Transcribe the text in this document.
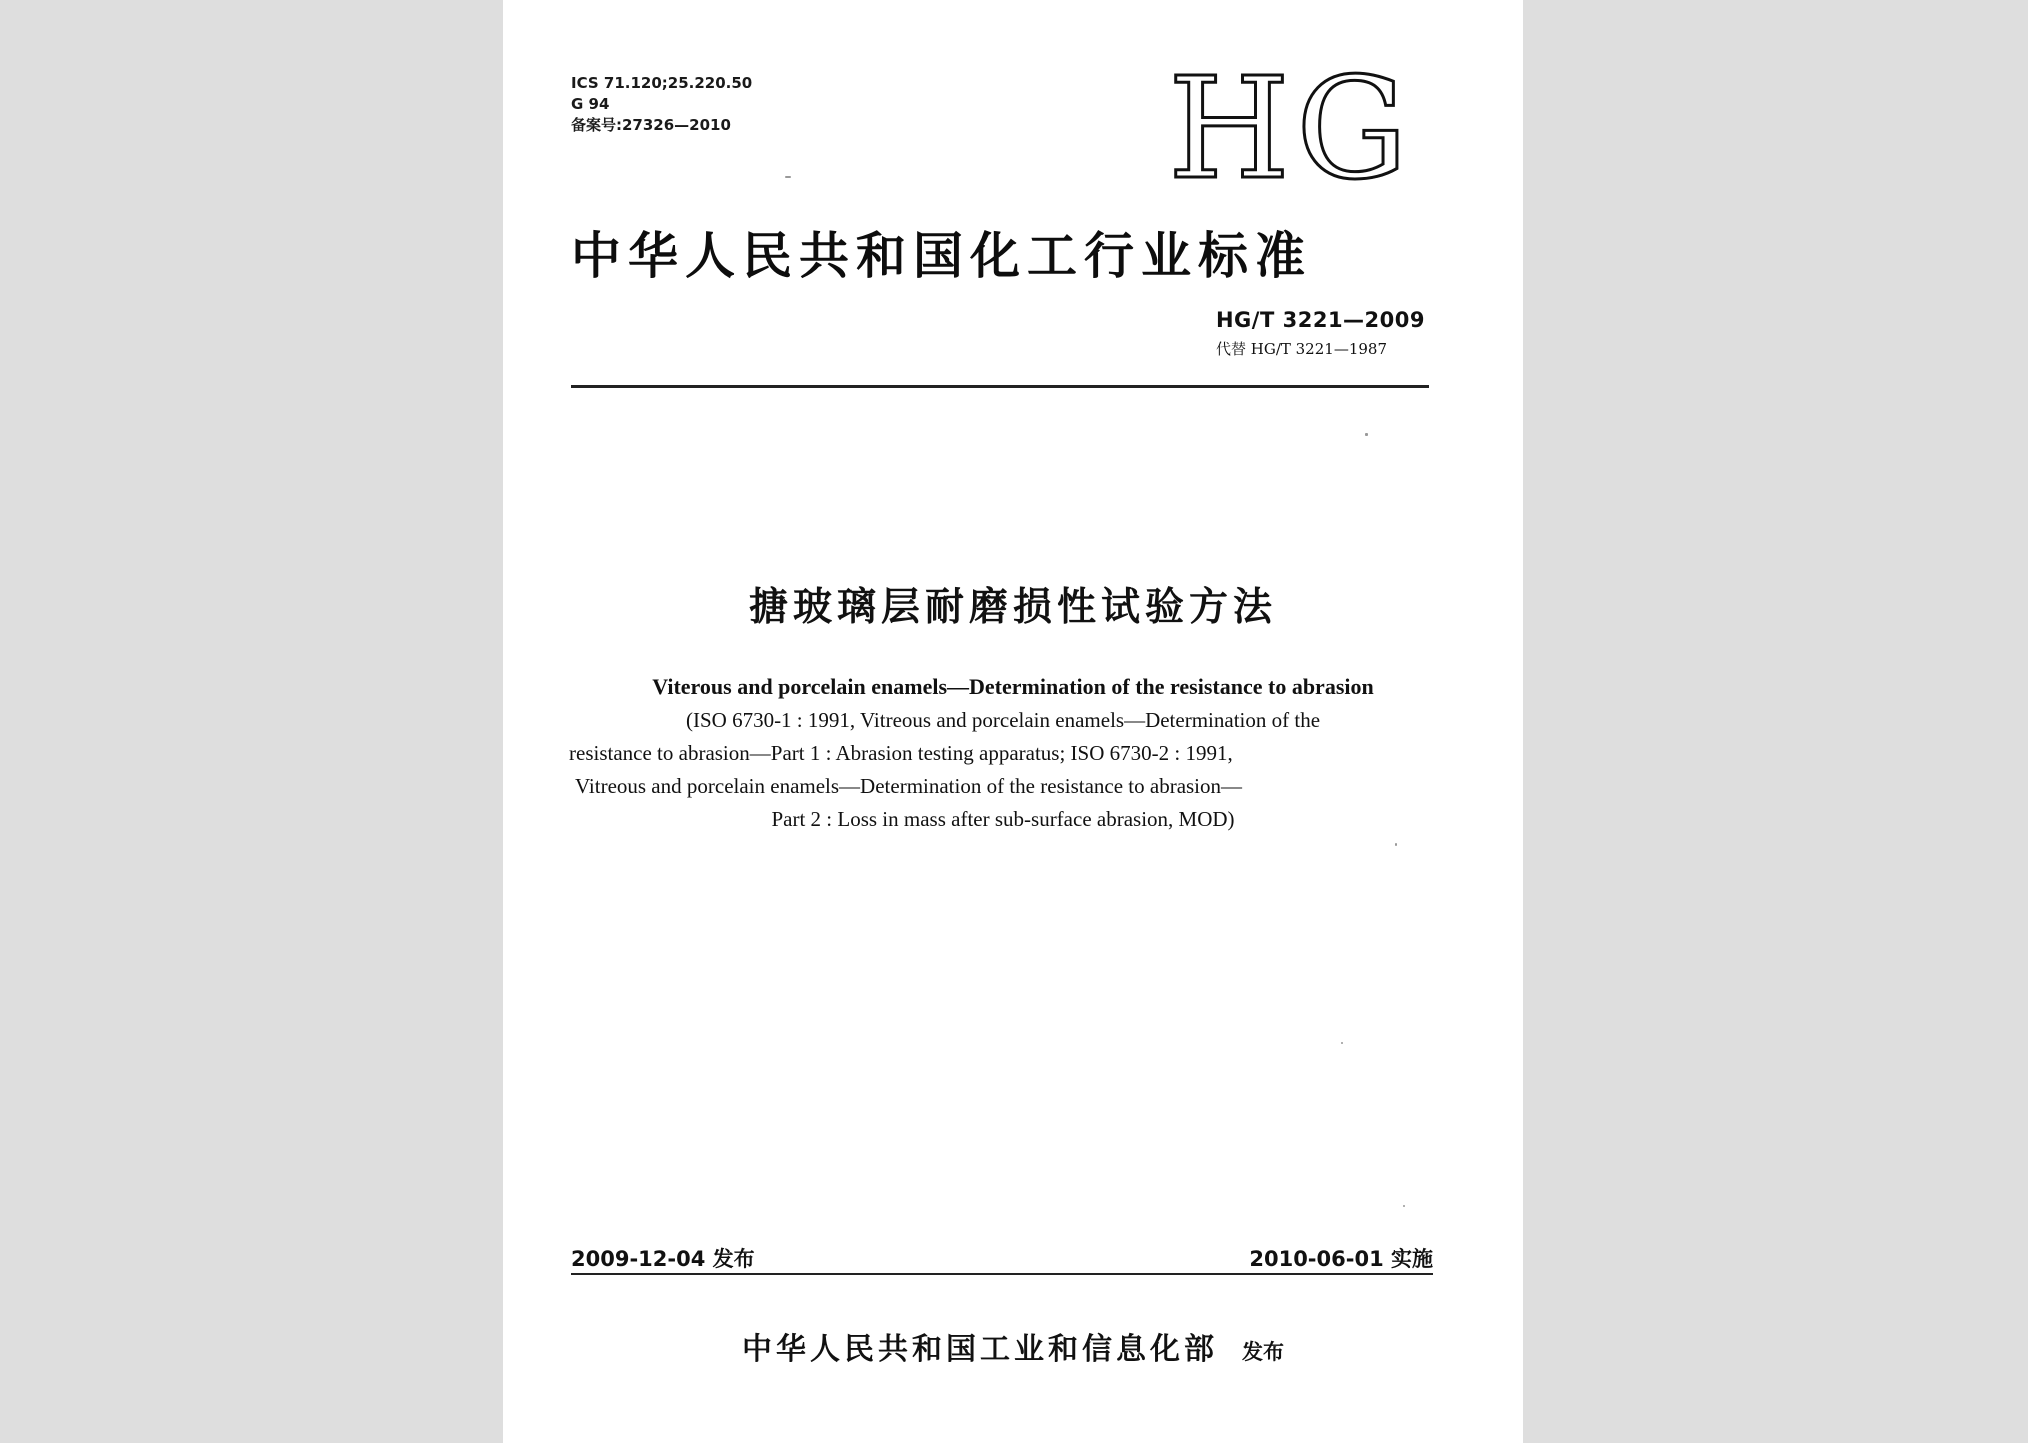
ICS 71.120;25.220.50
G 94
备案号:27326—2010	HG
中华人民共和国化工行业标准
HG/T 3221—2009
代替 HG/T 3221—1987
搪玻璃层耐磨损性试验方法
Viterous and porcelain enamels—Determination of the resistance to abrasion
(ISO 6730-1 : 1991, Vitreous and porcelain enamels—Determination of the
resistance to abrasion—Part 1 : Abrasion testing apparatus; ISO 6730-2 : 1991,
Vitreous and porcelain enamels—Determination of the resistance to abrasion—
Part 2 : Loss in mass after sub-surface abrasion, MOD)
2009-12-04 发布	2010-06-01 实施
中华人民共和国工业和信息化部 发布
